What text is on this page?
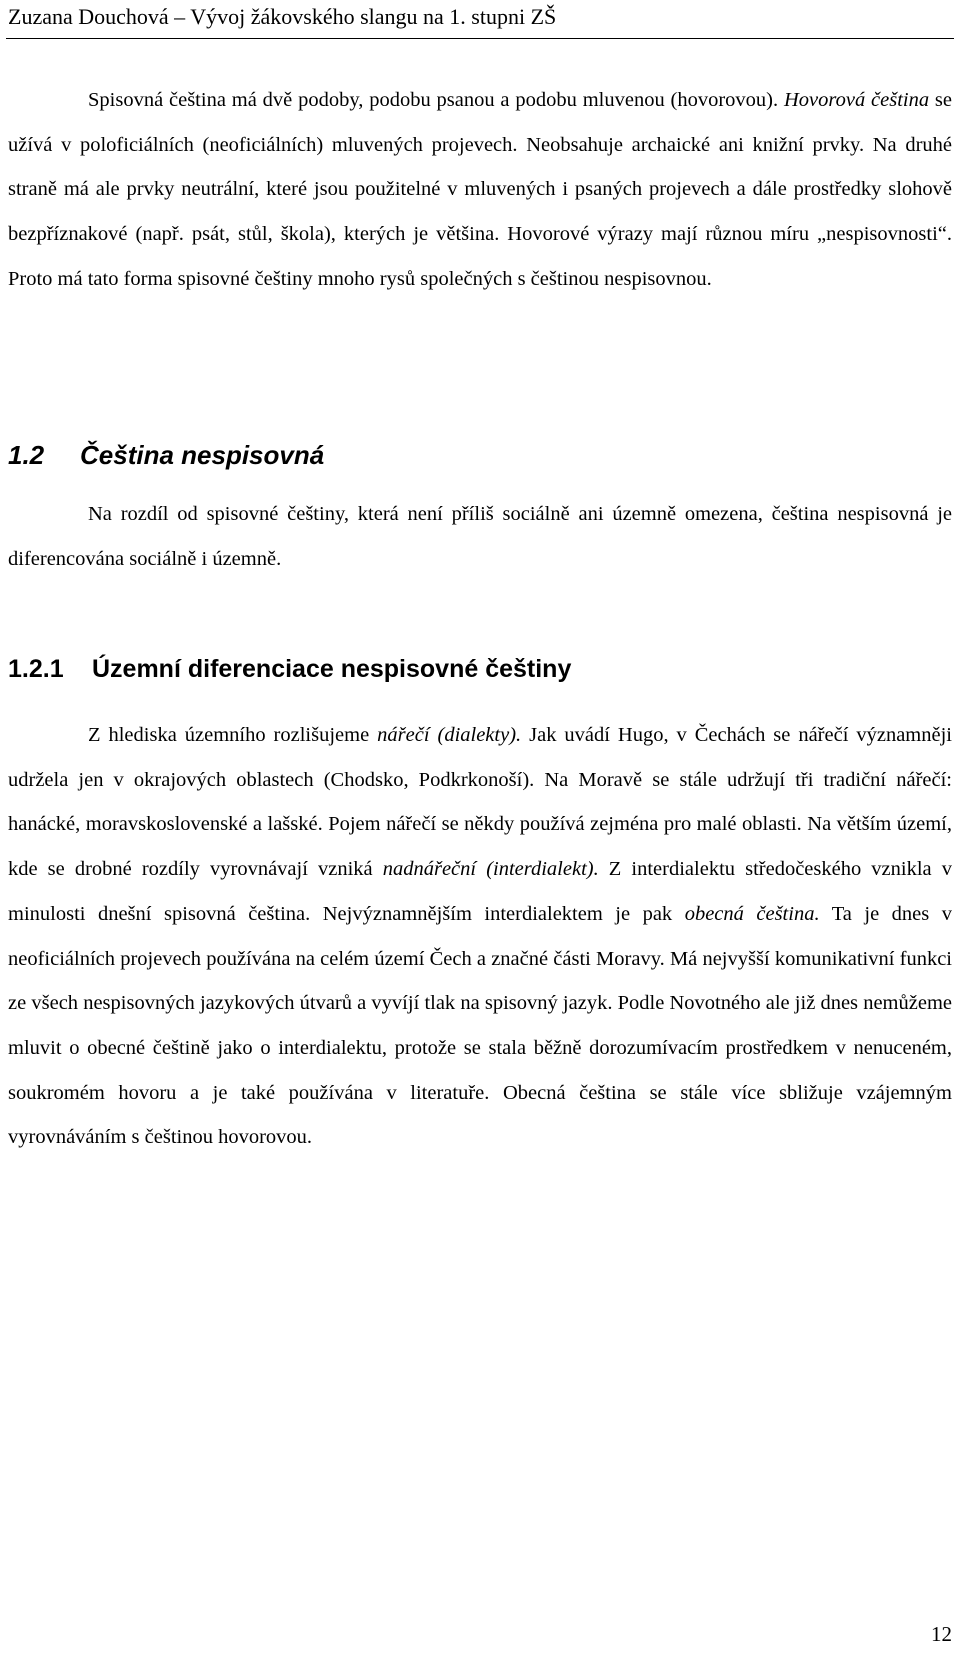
Zuzana Douchová – Vývoj žákovského slangu na 1. stupni ZŠ

Spisovná čeština má dvě podoby, podobu psanou a podobu mluvenou (hovorovou). Hovorová čeština se užívá v poloficiálních (neoficiálních) mluvených projevech. Neobsahuje archaické ani knižní prvky. Na druhé straně má ale prvky neutrální, které jsou použitelné v mluvených i psaných projevech a dále prostředky slohově bezpříznakové (např. psát, stůl, škola), kterých je většina. Hovorové výrazy mají různou míru „nespisovnosti“. Proto má tato forma spisovné češtiny mnoho rysů společných s češtinou nespisovnou.

1.2 Čeština nespisovná

Na rozdíl od spisovné češtiny, která není příliš sociálně ani územně omezena, čeština nespisovná je diferencována sociálně i územně.

1.2.1 Územní diferenciace nespisovné češtiny

Z hlediska územního rozlišujeme nářečí (dialekty). Jak uvádí Hugo, v Čechách se nářečí významněji udržela jen v okrajových oblastech (Chodsko, Podkrkonoší). Na Moravě se stále udržují tři tradiční nářečí: hanácké, moravskoslovenské a lašské. Pojem nářečí se někdy používá zejména pro malé oblasti. Na větším území, kde se drobné rozdíly vyrovnávají vzniká nadnářeční (interdialekt). Z interdialektu středočeského vznikla v minulosti dnešní spisovná čeština. Nejvýznamnějším interdialektem je pak obecná čeština. Ta je dnes v neoficiálních projevech používána na celém území Čech a značné části Moravy. Má nejvyšší komunikativní funkci ze všech nespisovných jazykových útvarů a vyvíjí tlak na spisovný jazyk. Podle Novotného ale již dnes nemůžeme mluvit o obecné češtině jako o interdialektu, protože se stala běžně dorozumívacím prostředkem v nenuceném, soukromém hovoru a je také používána v literatuře. Obecná čeština se stále více sbližuje vzájemným vyrovnáváním s češtinou hovorovou.

12
